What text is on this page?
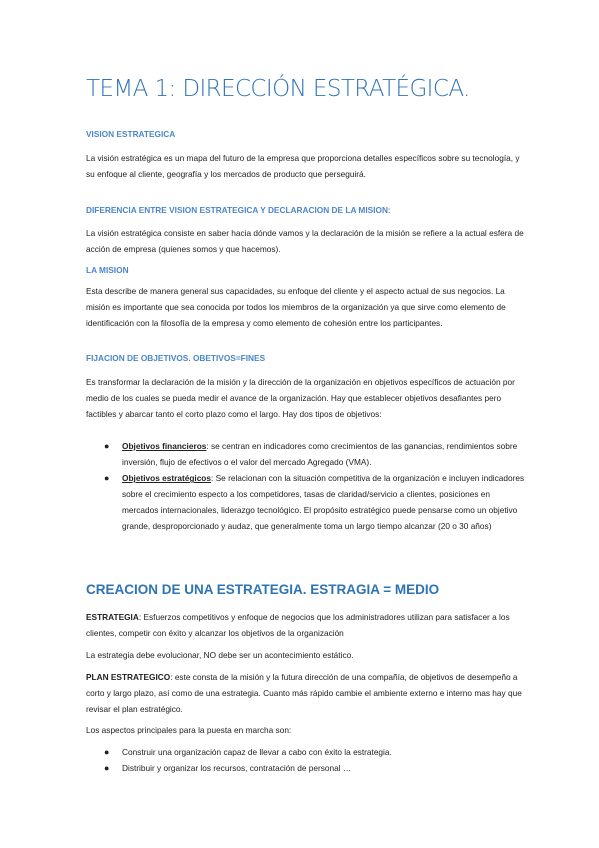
TEMA 1: DIRECCIÓN ESTRATÉGICA.
VISION ESTRATEGICA

La visión estratégica es un mapa del futuro de la empresa que proporciona detalles específicos sobre su tecnología, y su enfoque al cliente, geografía y los mercados de producto que perseguirá.

DIFERENCIA ENTRE VISION ESTRATEGICA Y DECLARACION DE LA MISION:

La visión estratégica consiste en saber hacia dónde vamos y la declaración de la misión se refiere a la actual esfera de acción de empresa (quienes somos y que hacemos).

LA MISION

Esta describe de manera general sus capacidades, su enfoque del cliente y el aspecto actual de sus negocios. La misión es importante que sea conocida por todos los miembros de la organización ya que sirve como elemento de identificación con la filosofía de la empresa y como elemento de cohesión entre los participantes.

FIJACION DE OBJETIVOS. OBETIVOS=FINES

Es transformar la declaración de la misión y la dirección de la organización en objetivos específicos de actuación por medio de los cuales se pueda medir el avance de la organización. Hay que establecer objetivos desafiantes pero factibles y abarcar tanto el corto plazo como el largo. Hay dos tipos de objetivos:

● Objetivos financieros: se centran en indicadores como crecimientos de las ganancias, rendimientos sobre inversión, flujo de efectivos o el valor del mercado Agregado (VMA).
● Objetivos estratégicos: Se relacionan con la situación competitiva de la organización e incluyen indicadores sobre el crecimiento especto a los competidores, tasas de claridad/servicio a clientes, posiciones en mercados internacionales, liderazgo tecnológico. El propósito estratégico puede pensarse como un objetivo grande, desproporcionado y audaz, que generalmente toma un largo tiempo alcanzar (20 o 30 años)
CREACION DE UNA ESTRATEGIA. ESTRAGIA = MEDIO

ESTRATEGIA: Esfuerzos competitivos y enfoque de negocios que los administradores utilizan para satisfacer a los clientes, competir con éxito y alcanzar los objetivos de la organización

La estrategia debe evolucionar, NO debe ser un acontecimiento estático.

PLAN ESTRATEGICO: este consta de la misión y la futura dirección de una compañía, de objetivos de desempeño a corto y largo plazo, así como de una estrategia. Cuanto más rápido cambie el ambiente externo e interno mas hay que revisar el plan estratégico.

Los aspectos principales para la puesta en marcha son:

● Construir una organización capaz de llevar a cabo con éxito la estrategia.
● Distribuir y organizar los recursos, contratación de personal …
